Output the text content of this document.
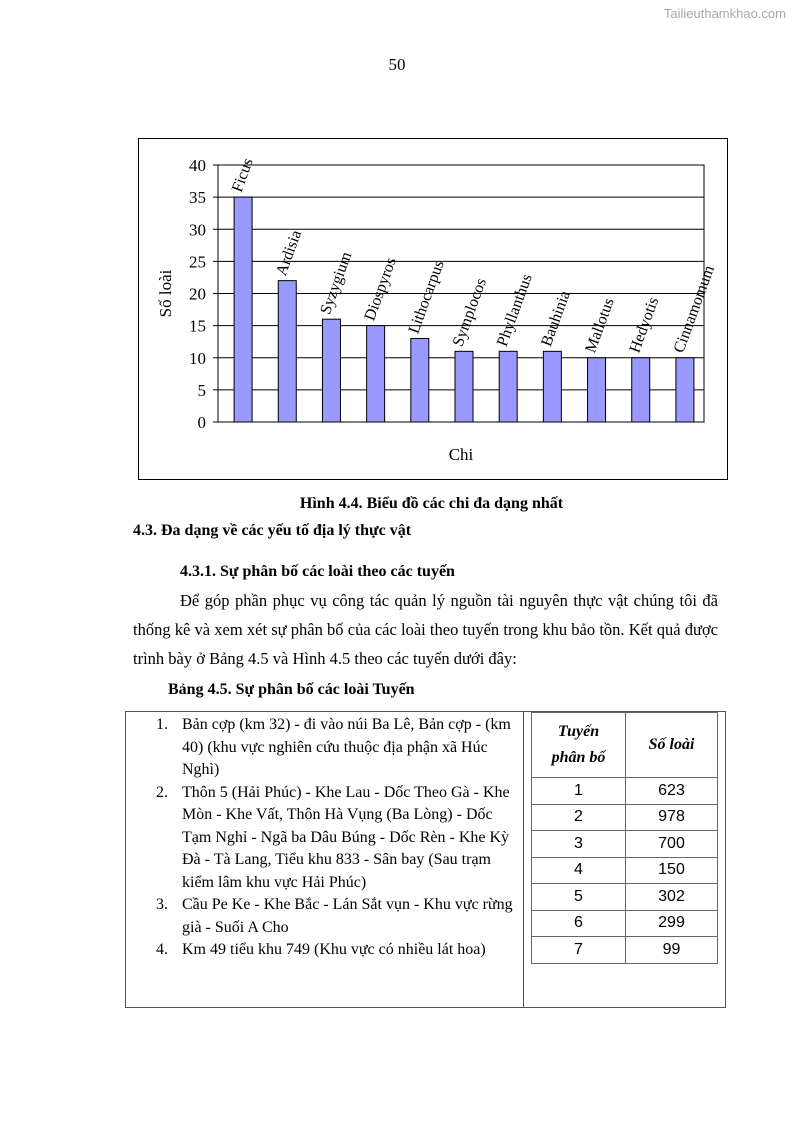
Tailieuthamkhao.com
50
0
5
10
15
20
25
30
35
40 Ficus
Ardisia Syzygium Diospyros Lithocarpus Symplocos Phyllanthus Bauhinia Mallotus Hedyotis Cinnamomum
Số loài
Chi
Hình 4.4. Biểu đồ các chi đa dạng nhất
4.3. Đa dạng về các yếu tố địa lý thực vật
4.3.1. Sự phân bố các loài theo các tuyến

Để góp phần phục vụ công tác quản lý nguồn tài nguyên thực vật chúng tôi đã thống kê và xem xét sự phân bố của các loài theo tuyến trong khu bảo tồn. Kết quả được trình bày ở Bảng 4.5 và Hình 4.5 theo các tuyến dưới đây:

Bảng 4.5. Sự phân bố các loài Tuyến
1. Bản cợp (km 32) - đi vào núi Ba Lê, Bản cợp - (km 40) (khu vực nghiên cứu thuộc địa phận xã Húc Nghì)
2. Thôn 5 (Hải Phúc) - Khe Lau - Dốc Theo Gà - Khe Mòn - Khe Vất, Thôn Hà Vụng (Ba Lòng) - Dốc Tạm Nghỉ - Ngã ba Dâu Búng - Dốc Rèn - Khe Kỳ Đà - Tà Lang, Tiểu khu 833 - Sân bay (Sau trạm kiểm lâm khu vực Hải Phúc)
3. Cầu Pe Ke - Khe Bắc - Lán Sắt vụn - Khu vực rừng già - Suối A Cho
4. Km 49 tiểu khu 749 (Khu vực có nhiều lát hoa)
Tuyến
phân bố	Số loài
1	623
2	978
3	700
4	150
5	302
6	299
7	99
